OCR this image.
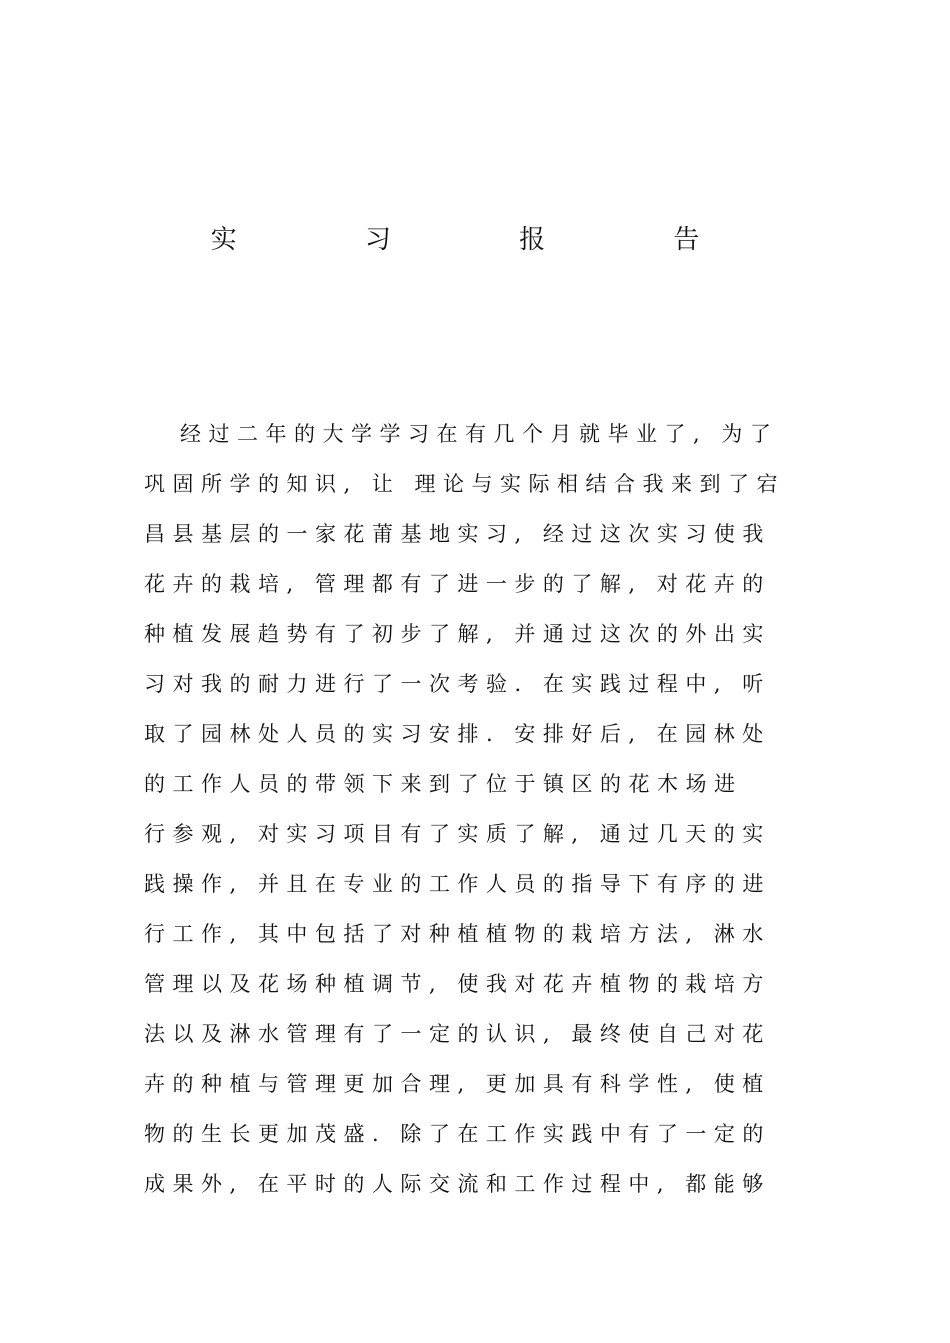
实 习 报 告
经过二年的大学学习在有几个月就毕业了, 为了
巩固所学的知识, 让 理论与实际相结合我来到了宕
昌县基层的一家花莆基地实习, 经过这次实习使我
花卉的栽培, 管理都有了进一步的了解, 对花卉的
种植发展趋势有了初步了解, 并通过这次的外出实
习对我的耐力进行了一次考验. 在实践过程中, 听
取了园林处人员的实习安排. 安排好后, 在园林处
的工作人员的带领下来到了位于镇区的花木场进
行参观, 对实习项目有了实质了解, 通过几天的实
践操作, 并且在专业的工作人员的指导下有序的进
行工作, 其中包括了对种植植物的栽培方法, 淋水
管理以及花场种植调节, 使我对花卉植物的栽培方
法以及淋水管理有了一定的认识, 最终使自己对花
卉的种植与管理更加合理, 更加具有科学性, 使植
物的生长更加茂盛. 除了在工作实践中有了一定的
成果外, 在平时的人际交流和工作过程中, 都能够
